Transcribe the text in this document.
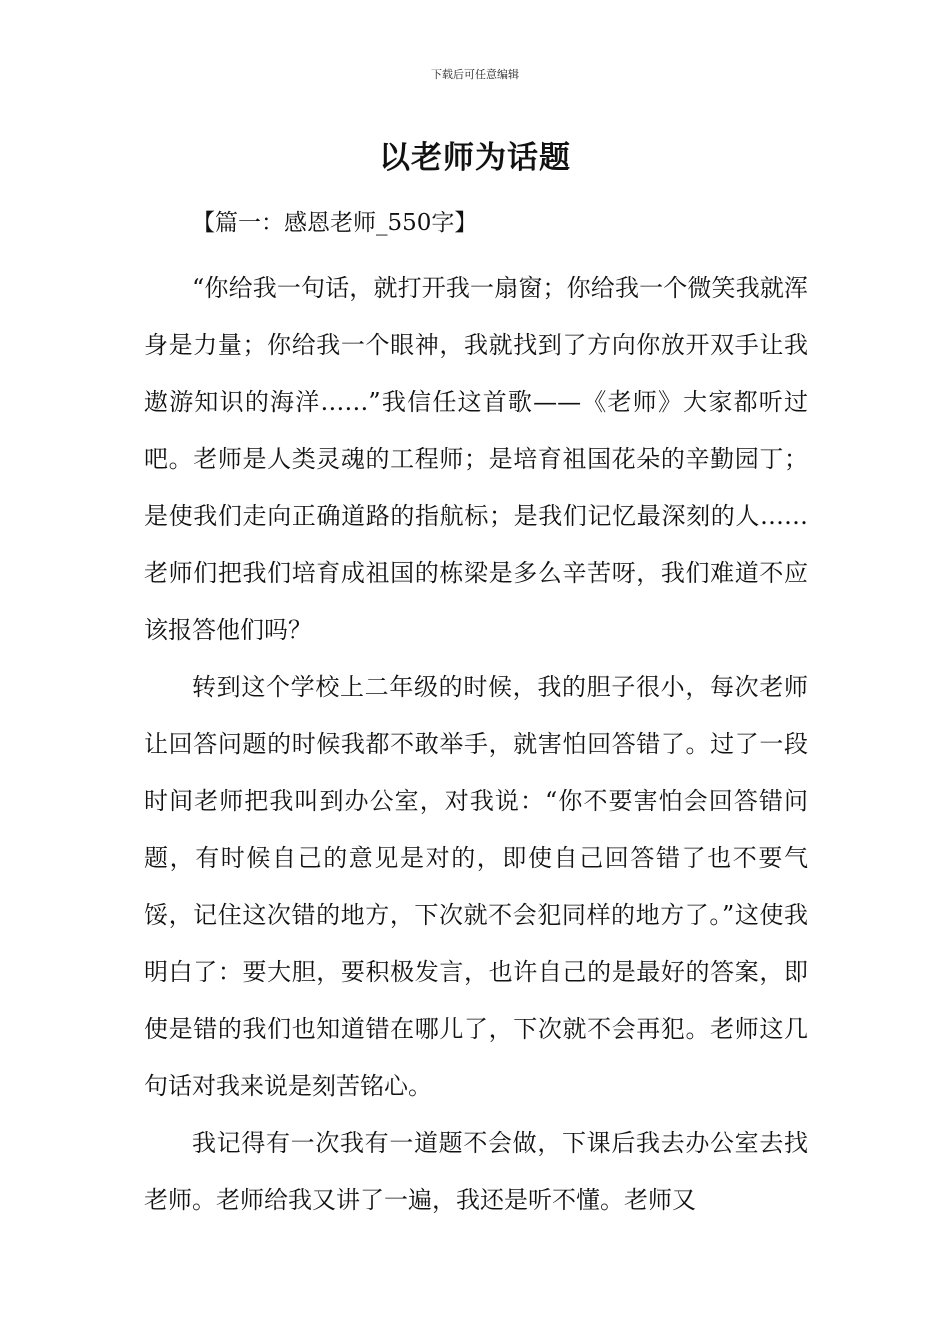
下载后可任意编辑
以老师为话题
【篇一：感恩老师_550字】

“你给我一句话，就打开我一扇窗；你给我一个微笑我就浑身是力量；你给我一个眼神，我就找到了方向你放开双手让我遨游知识的海洋……”我信任这首歌——《老师》大家都听过吧。老师是人类灵魂的工程师；是培育祖国花朵的辛勤园丁；是使我们走向正确道路的指航标；是我们记忆最深刻的人……老师们把我们培育成祖国的栋梁是多么辛苦呀，我们难道不应该报答他们吗？

转到这个学校上二年级的时候，我的胆子很小，每次老师让回答问题的时候我都不敢举手，就害怕回答错了。过了一段时间老师把我叫到办公室，对我说：“你不要害怕会回答错问题，有时候自己的意见是对的，即使自己回答错了也不要气馁，记住这次错的地方，下次就不会犯同样的地方了。”这使我明白了：要大胆，要积极发言，也许自己的是最好的答案，即使是错的我们也知道错在哪儿了，下次就不会再犯。老师这几句话对我来说是刻苦铭心。

我记得有一次我有一道题不会做，下课后我去办公室去找老师。老师给我又讲了一遍，我还是听不懂。老师又
